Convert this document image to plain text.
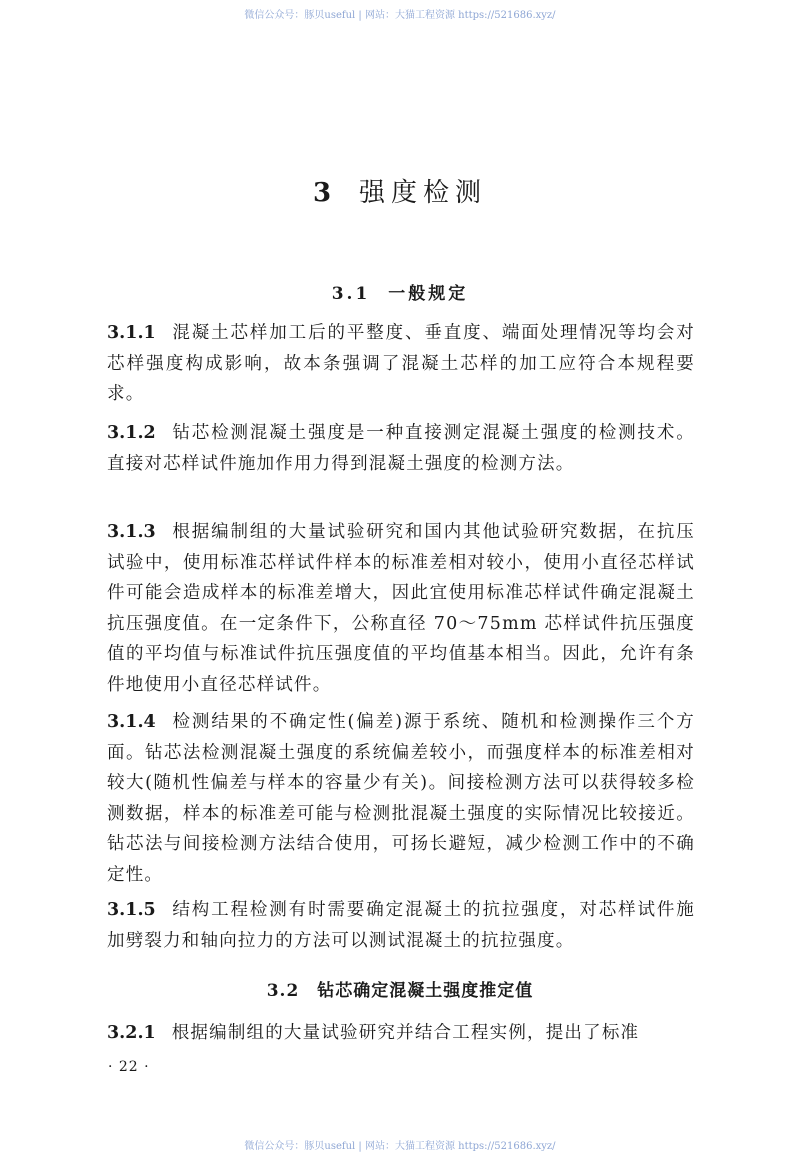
微信公众号：豚贝useful | 网站：大猫工程资源 https://521686.xyz/
3 强度检测
3.1 一般规定
3.1.1 混凝土芯样加工后的平整度、垂直度、端面处理情况等均会对芯样强度构成影响，故本条强调了混凝土芯样的加工应符合本规程要求。
3.1.2 钻芯检测混凝土强度是一种直接测定混凝土强度的检测技术。直接对芯样试件施加作用力得到混凝土强度的检测方法。
3.1.3 根据编制组的大量试验研究和国内其他试验研究数据，在抗压试验中，使用标准芯样试件样本的标准差相对较小，使用小直径芯样试件可能会造成样本的标准差增大，因此宜使用标准芯样试件确定混凝土抗压强度值。在一定条件下，公称直径 70～75mm 芯样试件抗压强度值的平均值与标准试件抗压强度值的平均值基本相当。因此，允许有条件地使用小直径芯样试件。
3.1.4 检测结果的不确定性(偏差)源于系统、随机和检测操作三个方面。钻芯法检测混凝土强度的系统偏差较小，而强度样本的标准差相对较大(随机性偏差与样本的容量少有关)。间接检测方法可以获得较多检测数据，样本的标准差可能与检测批混凝土强度的实际情况比较接近。钻芯法与间接检测方法结合使用，可扬长避短，减少检测工作中的不确定性。
3.1.5 结构工程检测有时需要确定混凝土的抗拉强度，对芯样试件施加劈裂力和轴向拉力的方法可以测试混凝土的抗拉强度。
3.2 钻芯确定混凝土强度推定值
3.2.1 根据编制组的大量试验研究并结合工程实例，提出了标准
· 22 ·
微信公众号：豚贝useful | 网站：大猫工程资源 https://521686.xyz/
